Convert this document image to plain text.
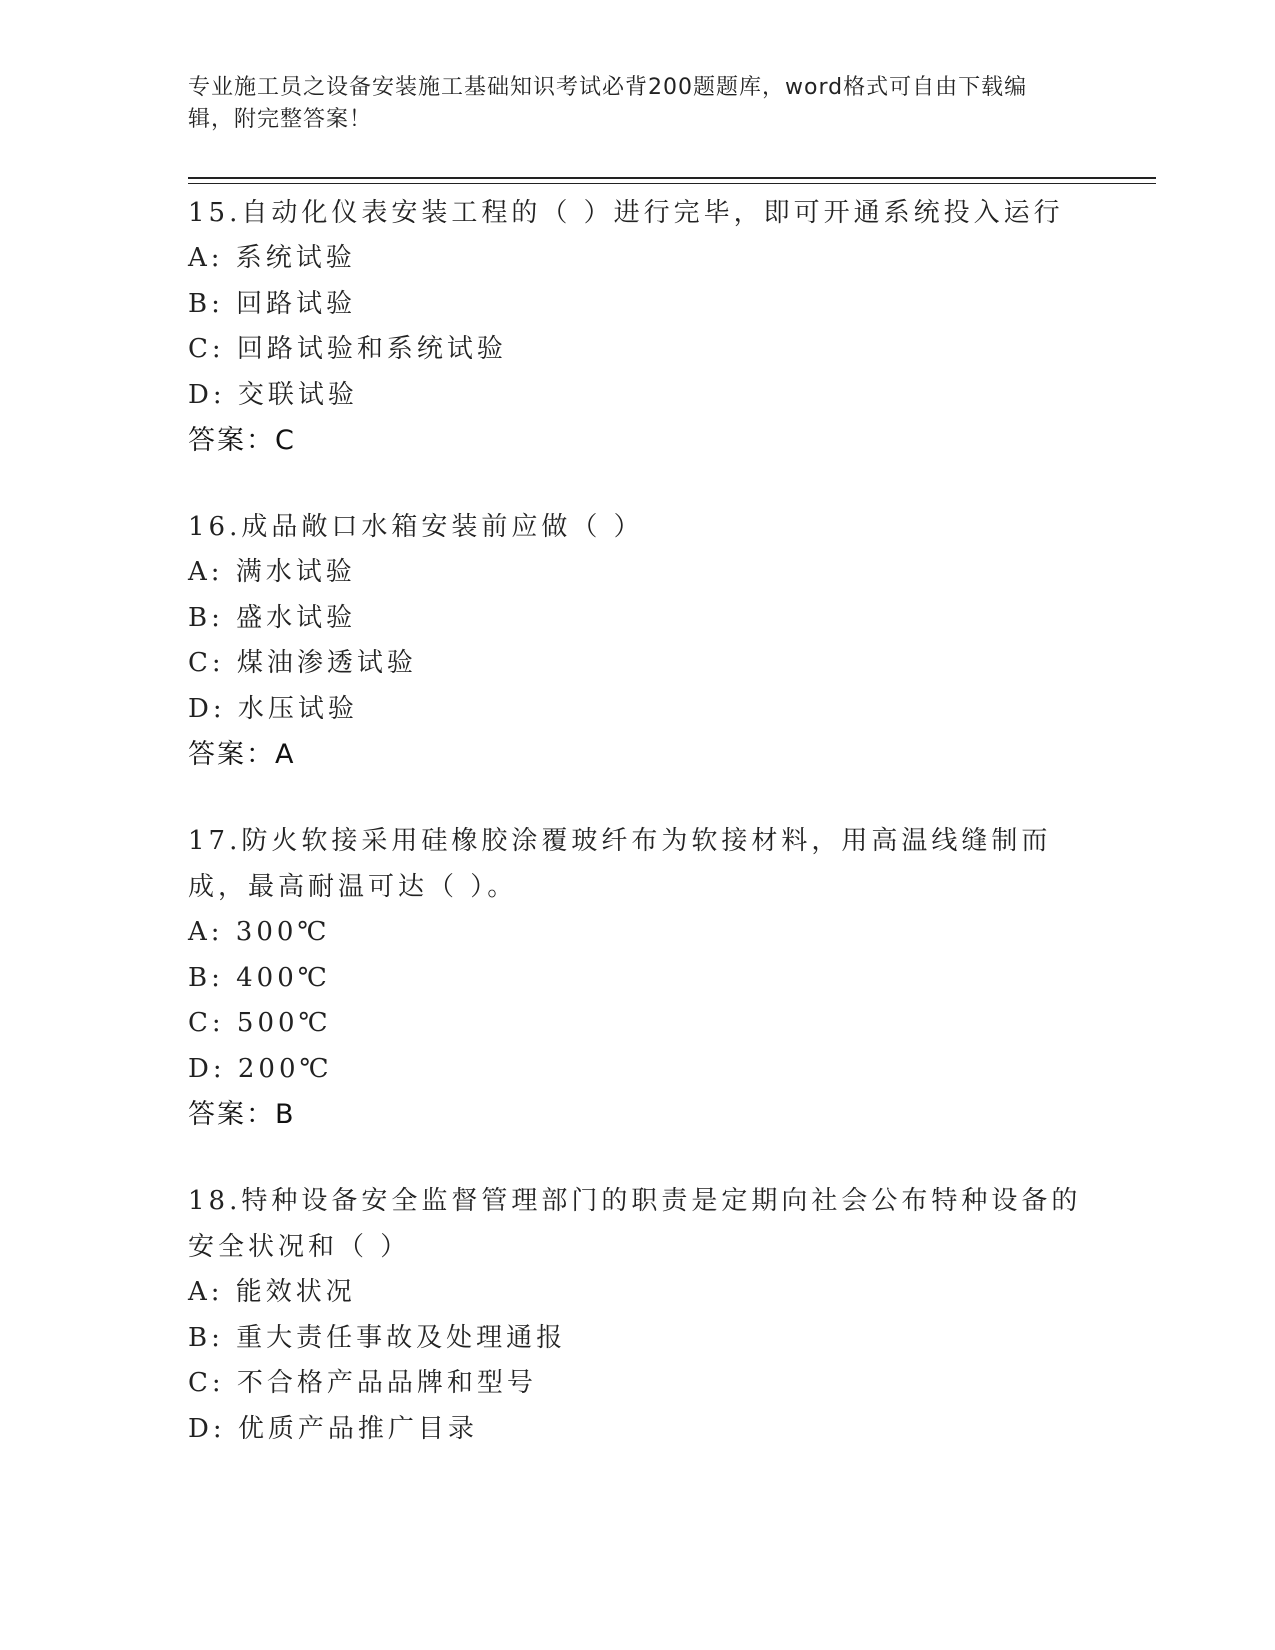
专业施工员之设备安装施工基础知识考试必背200题题库，word格式可自由下载编辑，附完整答案！
15.自动化仪表安装工程的（ ）进行完毕，即可开通系统投入运行
A: 系统试验
B: 回路试验
C: 回路试验和系统试验
D: 交联试验
答案：C
16.成品敞口水箱安装前应做（ ）
A: 满水试验
B: 盛水试验
C: 煤油渗透试验
D: 水压试验
答案：A
17.防火软接采用硅橡胶涂覆玻纤布为软接材料，用高温线缝制而成，最高耐温可达（ ）。
A: 300℃
B: 400℃
C: 500℃
D: 200℃
答案：B
18.特种设备安全监督管理部门的职责是定期向社会公布特种设备的安全状况和（ ）
A: 能效状况
B: 重大责任事故及处理通报
C: 不合格产品品牌和型号
D: 优质产品推广目录
